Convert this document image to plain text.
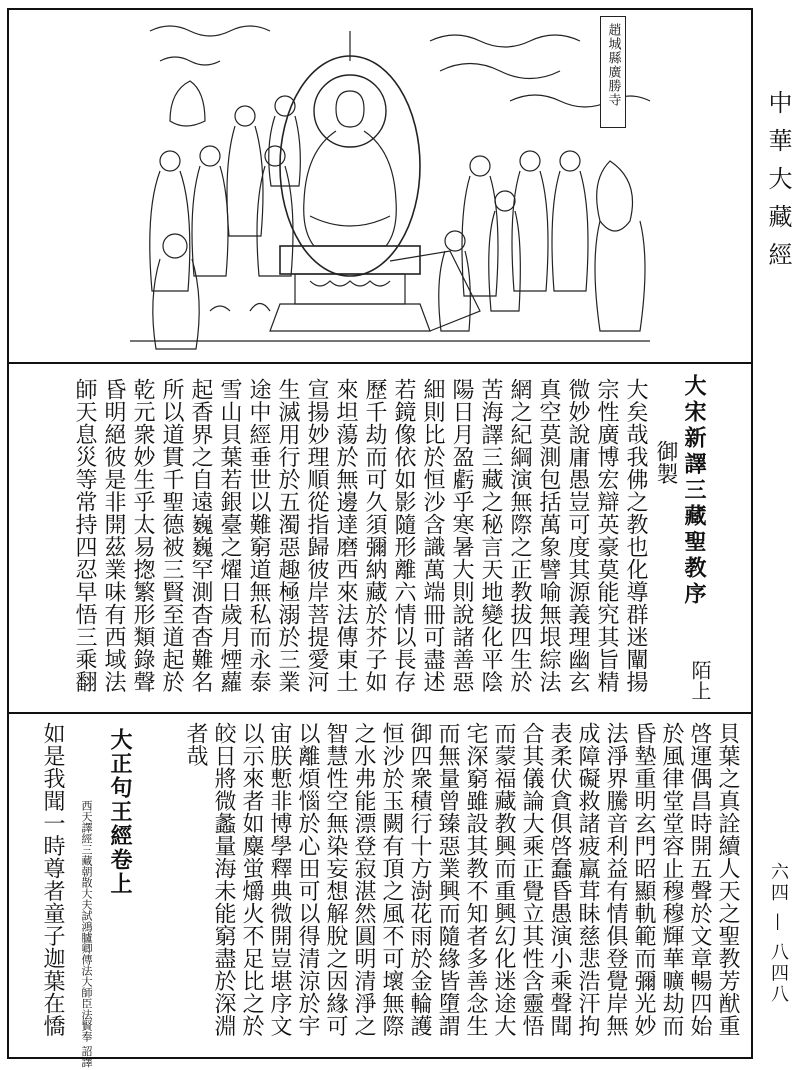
趙城縣廣勝寺
中華大藏經
六四 — 八四八
大宋新譯三藏聖教序
御製
陌上
大矣哉我佛之教也化導群迷闡揚
宗性廣博宏辯英豪莫能究其旨精
微妙說庸愚豈可度其源義理幽玄
真空莫測包括萬象譬喻無垠綜法
網之紀綱演無際之正教拔四生於
苦海譯三藏之秘言天地變化平陰
陽日月盈虧乎寒暑大則說諸善惡
細則比於恒沙含識萬端冊可盡述
若鏡像依如影隨形離六情以長存
歷千劫而可久須彌納藏於芥子如
來坦蕩於無邊達磨西來法傳東土
宣揚妙理順從指歸彼岸菩提愛河
生滅用行於五濁惡趣極溺於三業
途中經垂世以難窮道無私而永泰
雪山貝葉若銀臺之燿日歲月煙蘿
起香界之自遠巍巍罕測杳杳難名
所以道貫千聖德被三賢至道起於
乾元衆妙生乎太易揔繁形類錄聲
昏明絕彼是非開茲業味有西域法
師天息災等常持四忍早悟三乘翻
貝葉之真詮續人天之聖教芳猷重
啓運偶昌時開五聲於文章暢四始
於風律堂堂容止穆穆輝華曠劫而
昏墊重明玄門昭顯軌範而彌光妙
法淨界騰音利益有情俱登覺岸無
成障礙救諸疲羸茸眛慈悲浩汗拘
表柔伏貪俱啓蠢昏愚演小乘聲聞
合其儀論大乘正覺立其性含靈悟
而蒙福藏教興而重興幻化迷途大
宅深窮雖設其教不知者多善念生
而無量曾臻惡業興而隨緣皆墮謂
御四衆積行十方澍花雨於金輪護
恒沙於玉闕有頂之風不可壞無際
之水弗能漂登寂湛然圓明清淨之
智慧性空無染妄想解脫之因緣可
以離煩惱於心田可以得清涼於宇
宙朕慙非博學釋典微開豈堪序文
以示來者如麋蛍爝火不足比之於
皎日將微蠡量海未能窮盡於深淵
者哉
大正句王經卷上
西天譯經三藏朝散大夫試鴻臚卿傳法大師臣法賢奉 詔譯
如是我聞一時尊者童子迦葉在憍
